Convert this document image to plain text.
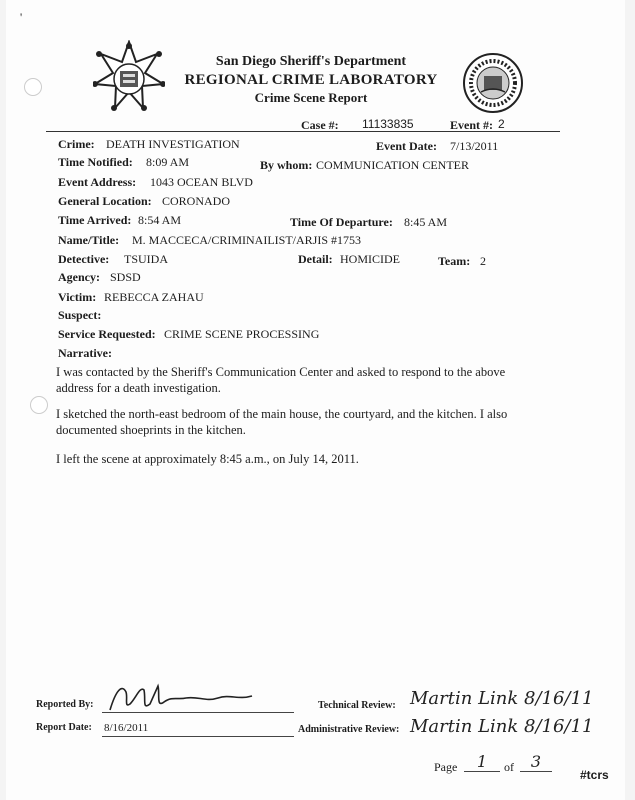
'
San Diego Sheriff's Department
REGIONAL CRIME LABORATORY
Crime Scene Report
Case #: 11133835	Event #: 2
Crime: DEATH INVESTIGATION	Event Date: 7/13/2011
Time Notified: 8:09 AM	By whom: COMMUNICATION CENTER
Event Address: 1043 OCEAN BLVD
General Location: CORONADO
Time Arrived: 8:54 AM	Time Of Departure: 8:45 AM
Name/Title: M. MACCECA/CRIMINAILIST/ARJIS #1753
Detective: TSUIDA	Detail: HOMICIDE	Team: 2
Agency: SDSD
Victim: REBECCA ZAHAU
Suspect:
Service Requested: CRIME SCENE PROCESSING
Narrative:
I was contacted by the Sheriff's Communication Center and asked to respond to the above address for a death investigation.
I sketched the north-east bedroom of the main house, the courtyard, and the kitchen. I also documented shoeprints in the kitchen.
I left the scene at approximately 8:45 a.m., on July 14, 2011.
Reported By:
Report Date: 8/16/2011
Technical Review: Martin Link 8/16/11
Administrative Review: Martin Link 8/16/11
Page	1	of	3
#tcrs
